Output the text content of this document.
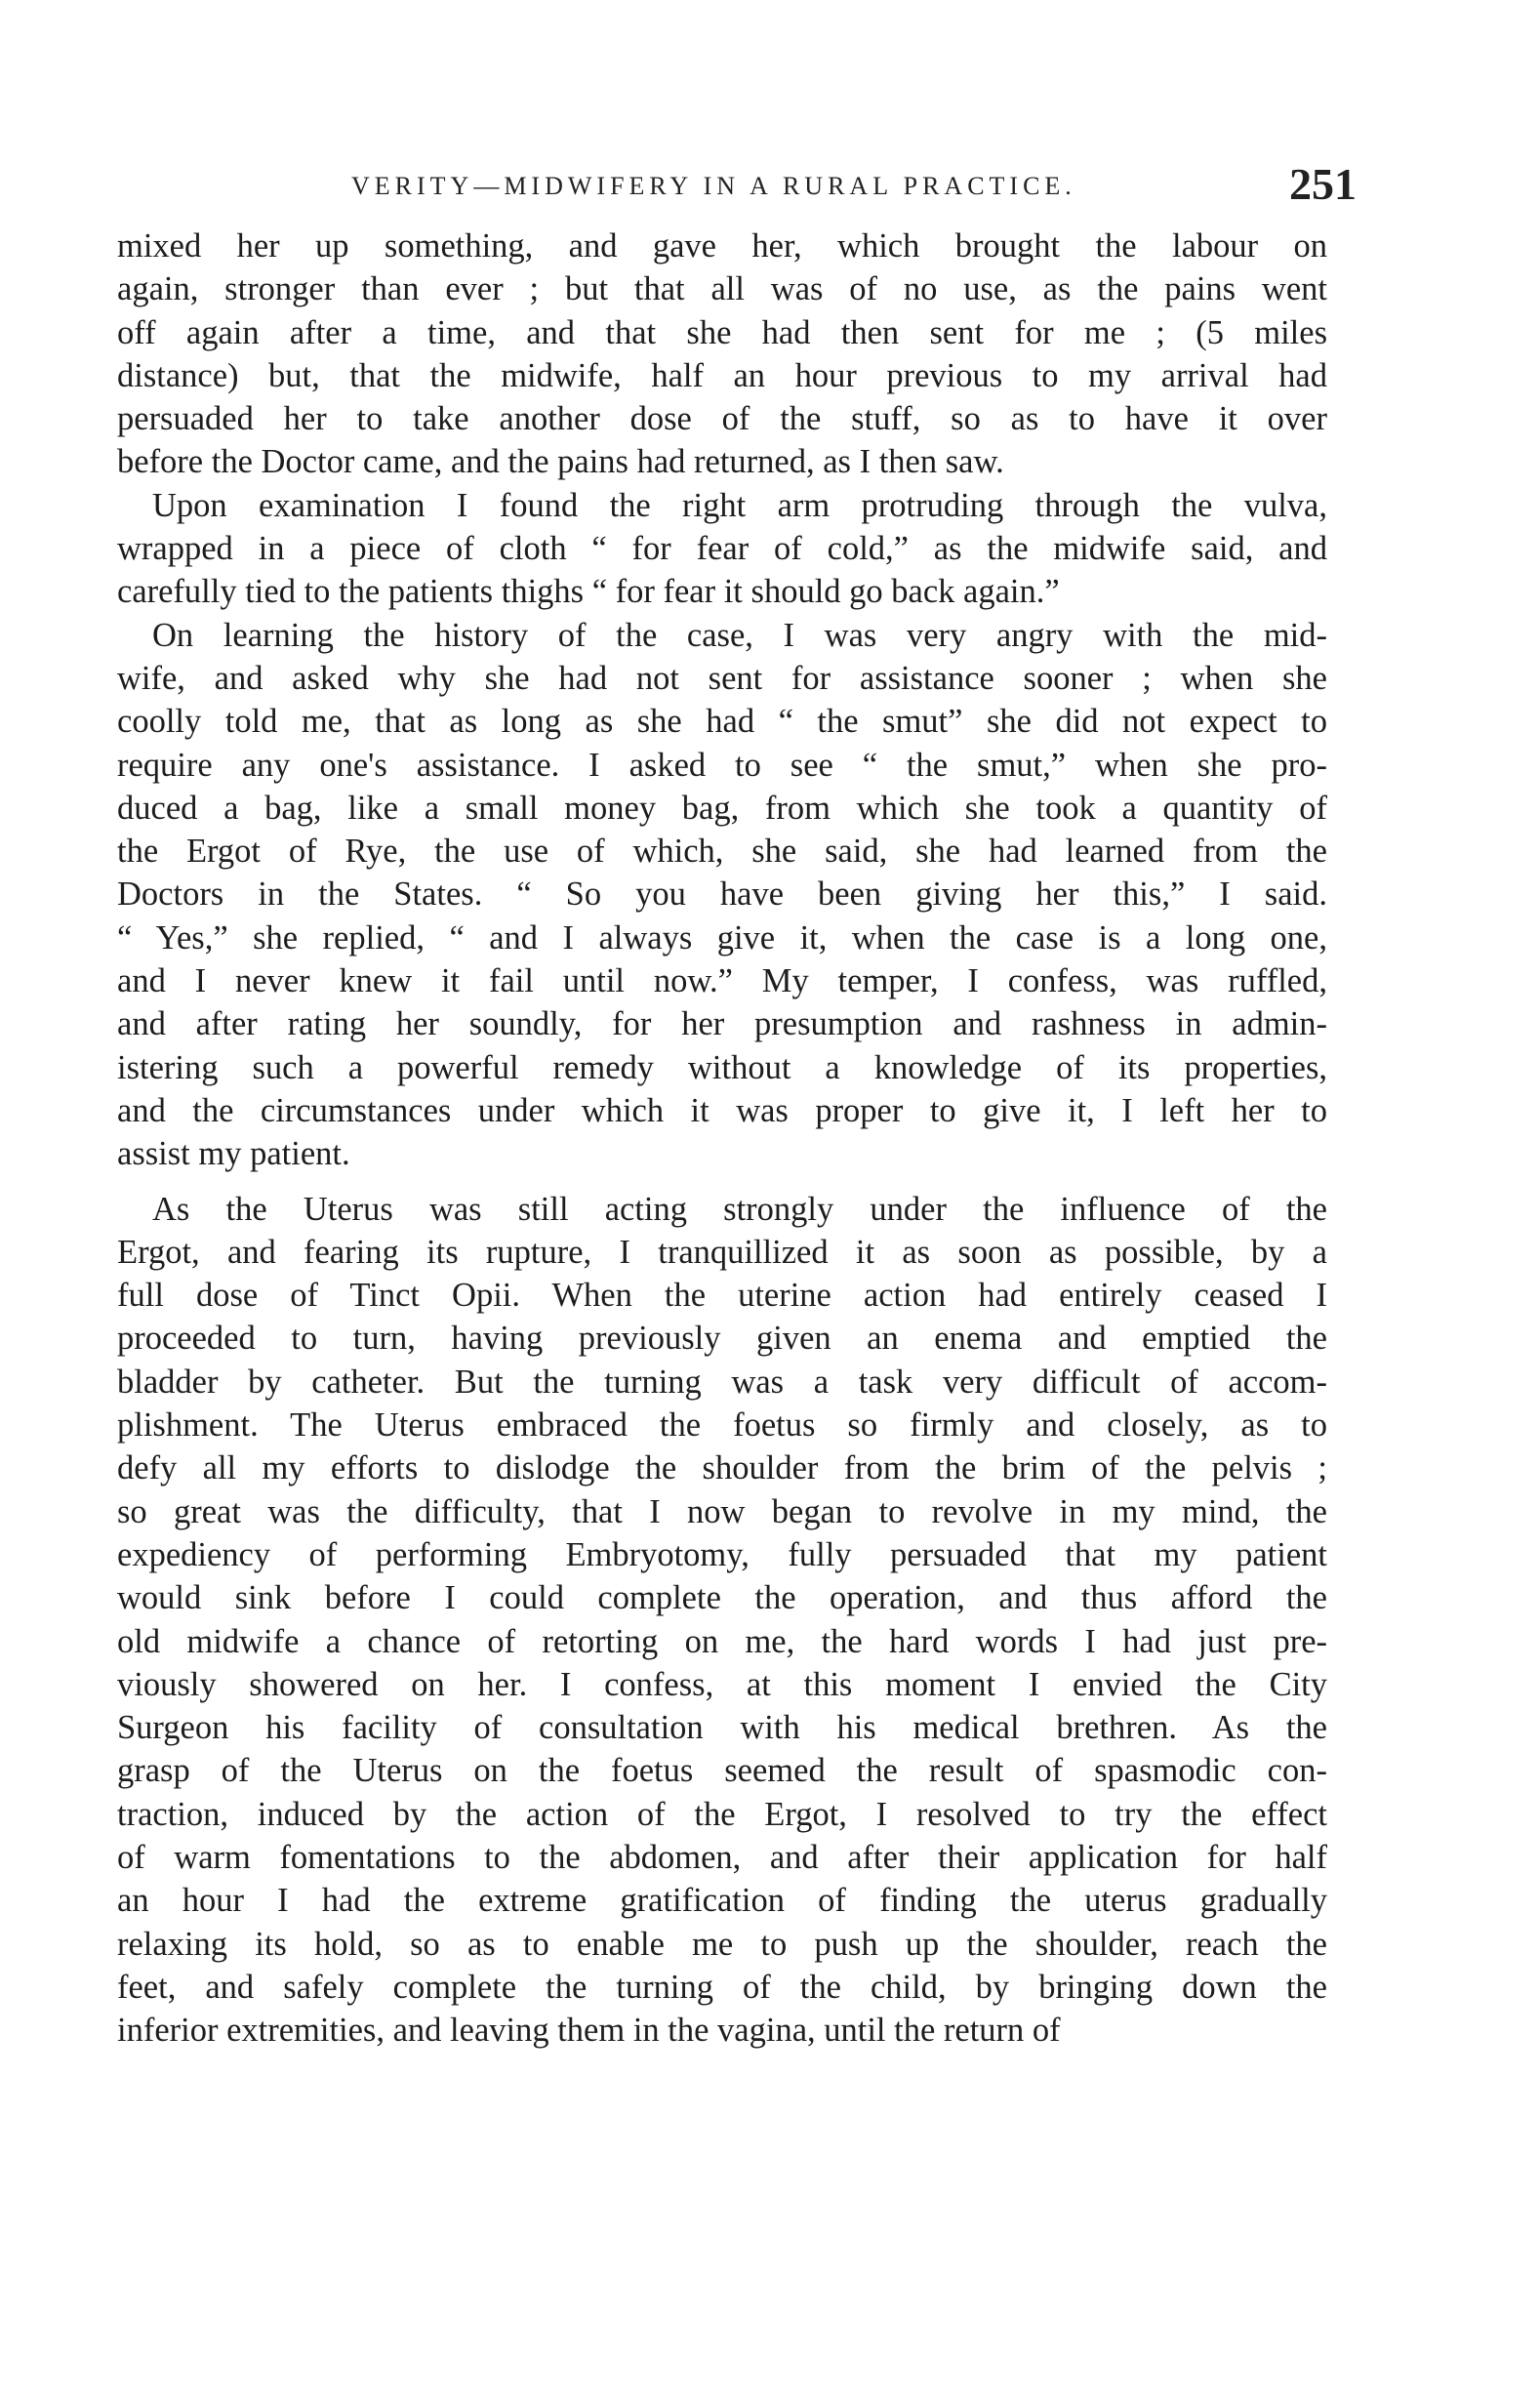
VERITY—MIDWIFERY IN A RURAL PRACTICE.	251
mixed her up something, and gave her, which brought the labour on
again, stronger than ever ; but that all was of no use, as the pains went
off again after a time, and that she had then sent for me ; (5 miles
distance) but, that the midwife, half an hour previous to my arrival had
persuaded her to take another dose of the stuff, so as to have it over
before the Doctor came, and the pains had returned, as I then saw.
Upon examination I found the right arm protruding through the vulva,
wrapped in a piece of cloth “ for fear of cold,” as the midwife said, and
carefully tied to the patients thighs “ for fear it should go back again.”
On learning the history of the case, I was very angry with the mid-
wife, and asked why she had not sent for assistance sooner ; when she
coolly told me, that as long as she had “ the smut” she did not expect to
require any one's assistance. I asked to see “ the smut,” when she pro-
duced a bag, like a small money bag, from which she took a quantity of
the Ergot of Rye, the use of which, she said, she had learned from the
Doctors in the States. “ So you have been giving her this,” I said.
“ Yes,” she replied, “ and I always give it, when the case is a long one,
and I never knew it fail until now.” My temper, I confess, was ruffled,
and after rating her soundly, for her presumption and rashness in admin-
istering such a powerful remedy without a knowledge of its properties,
and the circumstances under which it was proper to give it, I left her to
assist my patient.
As the Uterus was still acting strongly under the influence of the
Ergot, and fearing its rupture, I tranquillized it as soon as possible, by a
full dose of Tinct Opii. When the uterine action had entirely ceased I
proceeded to turn, having previously given an enema and emptied the
bladder by catheter. But the turning was a task very difficult of accom-
plishment. The Uterus embraced the foetus so firmly and closely, as to
defy all my efforts to dislodge the shoulder from the brim of the pelvis ;
so great was the difficulty, that I now began to revolve in my mind, the
expediency of performing Embryotomy, fully persuaded that my patient
would sink before I could complete the operation, and thus afford the
old midwife a chance of retorting on me, the hard words I had just pre-
viously showered on her. I confess, at this moment I envied the City
Surgeon his facility of consultation with his medical brethren. As the
grasp of the Uterus on the foetus seemed the result of spasmodic con-
traction, induced by the action of the Ergot, I resolved to try the effect
of warm fomentations to the abdomen, and after their application for half
an hour I had the extreme gratification of finding the uterus gradually
relaxing its hold, so as to enable me to push up the shoulder, reach the
feet, and safely complete the turning of the child, by bringing down the
inferior extremities, and leaving them in the vagina, until the return of
